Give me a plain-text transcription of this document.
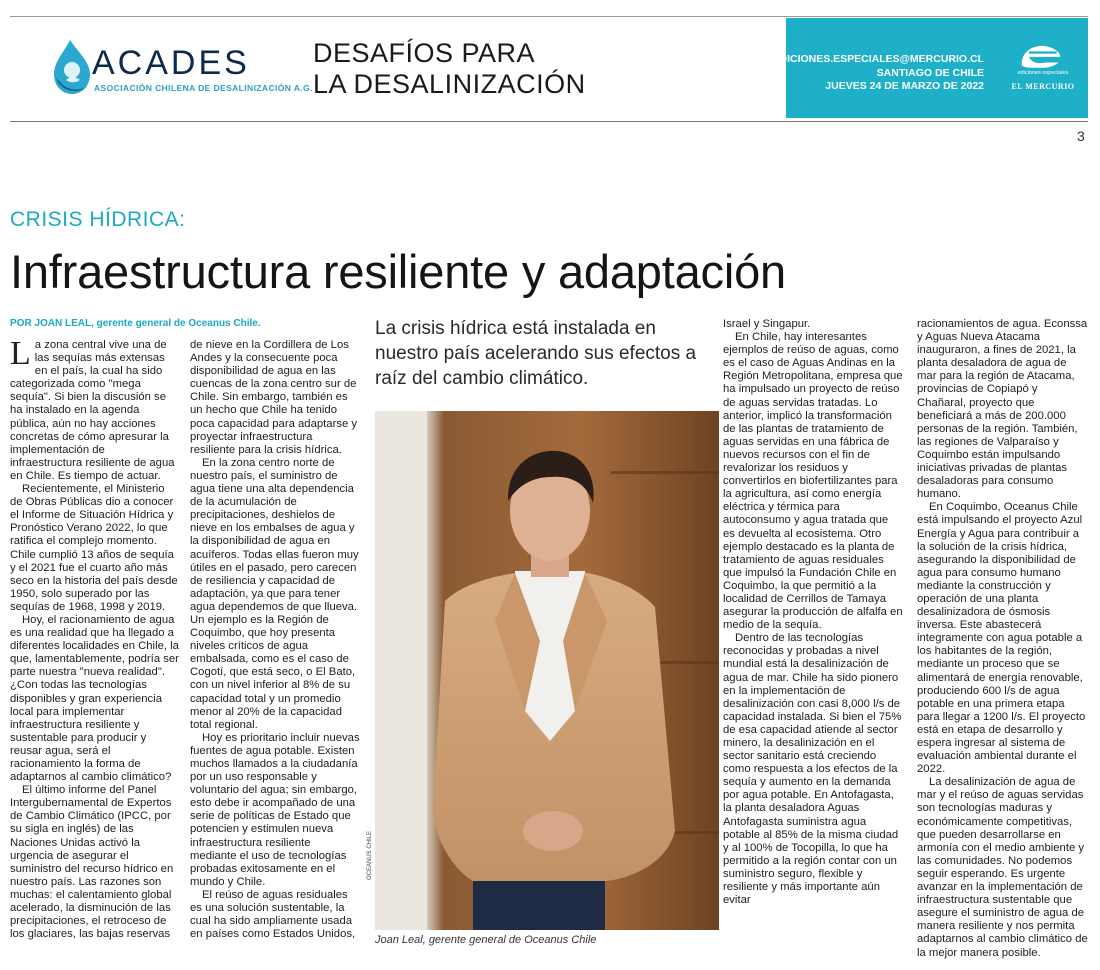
ACADES
ASOCIACIÓN CHILENA DE DESALINIZACIÓN A.G.
DESAFÍOS PARA
LA DESALINIZACIÓN
EDICIONES.ESPECIALES@MERCURIO.CL
SANTIAGO DE CHILE
JUEVES 24 DE MARZO DE 2022
ediciones especiales
EL MERCURIO
3
CRISIS HÍDRICA:
Infraestructura resiliente y adaptación
POR JOAN LEAL, gerente general de Oceanus Chile.

La zona central vive una de las sequías más extensas en el país, la cual ha sido categorizada como "mega sequía". Si bien la discusión se ha instalado en la agenda pública, aún no hay acciones concretas de cómo apresurar la implementación de infraestructura resiliente de agua en Chile. Es tiempo de actuar.

Recientemente, el Ministerio de Obras Públicas dio a conocer el Informe de Situación Hídrica y Pronóstico Verano 2022, lo que ratifica el complejo momento. Chile cumplió 13 años de sequía y el 2021 fue el cuarto año más seco en la historia del país desde 1950, solo superado por las sequías de 1968, 1998 y 2019.

Hoy, el racionamiento de agua es una realidad que ha llegado a diferentes localidades en Chile, la que, lamentablemente, podría ser parte nuestra "nueva realidad". ¿Con todas las tecnologías disponibles y gran experiencia local para implementar infraestructura resiliente y sustentable para producir y reusar agua, será el racionamiento la forma de adaptarnos al cambio climático?

El último informe del Panel Intergubernamental de Expertos de Cambio Climático (IPCC, por su sigla en inglés) de las Naciones Unidas activó la urgencia de asegurar el suministro del recurso hídrico en nuestro país. Las razones son muchas: el calentamiento global acelerado, la disminución de las precipitaciones, el retroceso de los glaciares, las bajas reservas

de nieve en la Cordillera de Los Andes y la consecuente poca disponibilidad de agua en las cuencas de la zona centro sur de Chile. Sin embargo, también es un hecho que Chile ha tenido poca capacidad para adaptarse y proyectar infraestructura resiliente para la crisis hídrica.

En la zona centro norte de nuestro país, el suministro de agua tiene una alta dependencia de la acumulación de precipitaciones, deshielos de nieve en los embalses de agua y la disponibilidad de agua en acuíferos. Todas ellas fueron muy útiles en el pasado, pero carecen de resiliencia y capacidad de adaptación, ya que para tener agua dependemos de que llueva. Un ejemplo es la Región de Coquimbo, que hoy presenta niveles críticos de agua embalsada, como es el caso de Cogotí, que está seco, o El Bato, con un nivel inferior al 8% de su capacidad total y un promedio menor al 20% de la capacidad total regional.

Hoy es prioritario incluir nuevas fuentes de agua potable. Existen muchos llamados a la ciudadanía por un uso responsable y voluntario del agua; sin embargo, esto debe ir acompañado de una serie de políticas de Estado que potencien y estimulen nueva infraestructura resiliente mediante el uso de tecnologías probadas exitosamente en el mundo y Chile.

El reúso de aguas residuales es una solución sustentable, la cual ha sido ampliamente usada en países como Estados Unidos,

La crisis hídrica está instalada en nuestro país acelerando sus efectos a raíz del cambio climático.
OCEANUS CHILE
Joan Leal, gerente general de Oceanus Chile

Israel y Singapur.

En Chile, hay interesantes ejemplos de reúso de aguas, como es el caso de Aguas Andinas en la Región Metropolitana, empresa que ha impulsado un proyecto de reúso de aguas servidas tratadas. Lo anterior, implicó la transformación de las plantas de tratamiento de aguas servidas en una fábrica de nuevos recursos con el fin de revalorizar los residuos y convertirlos en biofertilizantes para la agricultura, así como energía eléctrica y térmica para autoconsumo y agua tratada que es devuelta al ecosistema. Otro ejemplo destacado es la planta de tratamiento de aguas residuales que impulsó la Fundación Chile en Coquimbo, la que permitió a la localidad de Cerrillos de Tamaya asegurar la producción de alfalfa en medio de la sequía.

Dentro de las tecnologías reconocidas y probadas a nivel mundial está la desalinización de agua de mar. Chile ha sido pionero en la implementación de desalinización con casi 8,000 l/s de capacidad instalada. Si bien el 75% de esa capacidad atiende al sector minero, la desalinización en el sector sanitario está creciendo como respuesta a los efectos de la sequía y aumento en la demanda por agua potable. En Antofagasta, la planta desaladora Aguas Antofagasta suministra agua potable al 85% de la misma ciudad y al 100% de Tocopilla, lo que ha permitido a la región contar con un suministro seguro, flexible y resiliente y más importante aún evitar

racionamientos de agua. Econssa y Aguas Nueva Atacama inauguraron, a fines de 2021, la planta desaladora de agua de mar para la región de Atacama, provincias de Copiapó y Chañaral, proyecto que beneficiará a más de 200.000 personas de la región. También, las regiones de Valparaíso y Coquimbo están impulsando iniciativas privadas de plantas desaladoras para consumo humano.

En Coquimbo, Oceanus Chile está impulsando el proyecto Azul Energía y Agua para contribuir a la solución de la crisis hídrica, asegurando la disponibilidad de agua para consumo humano mediante la construcción y operación de una planta desalinizadora de ósmosis inversa. Este abastecerá integramente con agua potable a los habitantes de la región, mediante un proceso que se alimentará de energía renovable, produciendo 600 l/s de agua potable en una primera etapa para llegar a 1200 l/s. El proyecto está en etapa de desarrollo y espera ingresar al sistema de evaluación ambiental durante el 2022.

La desalinización de agua de mar y el reúso de aguas servidas son tecnologías maduras y económicamente competitivas, que pueden desarrollarse en armonía con el medio ambiente y las comunidades. No podemos seguir esperando. Es urgente avanzar en la implementación de infraestructura sustentable que asegure el suministro de agua de manera resiliente y nos permita adaptarnos al cambio climático de la mejor manera posible.
